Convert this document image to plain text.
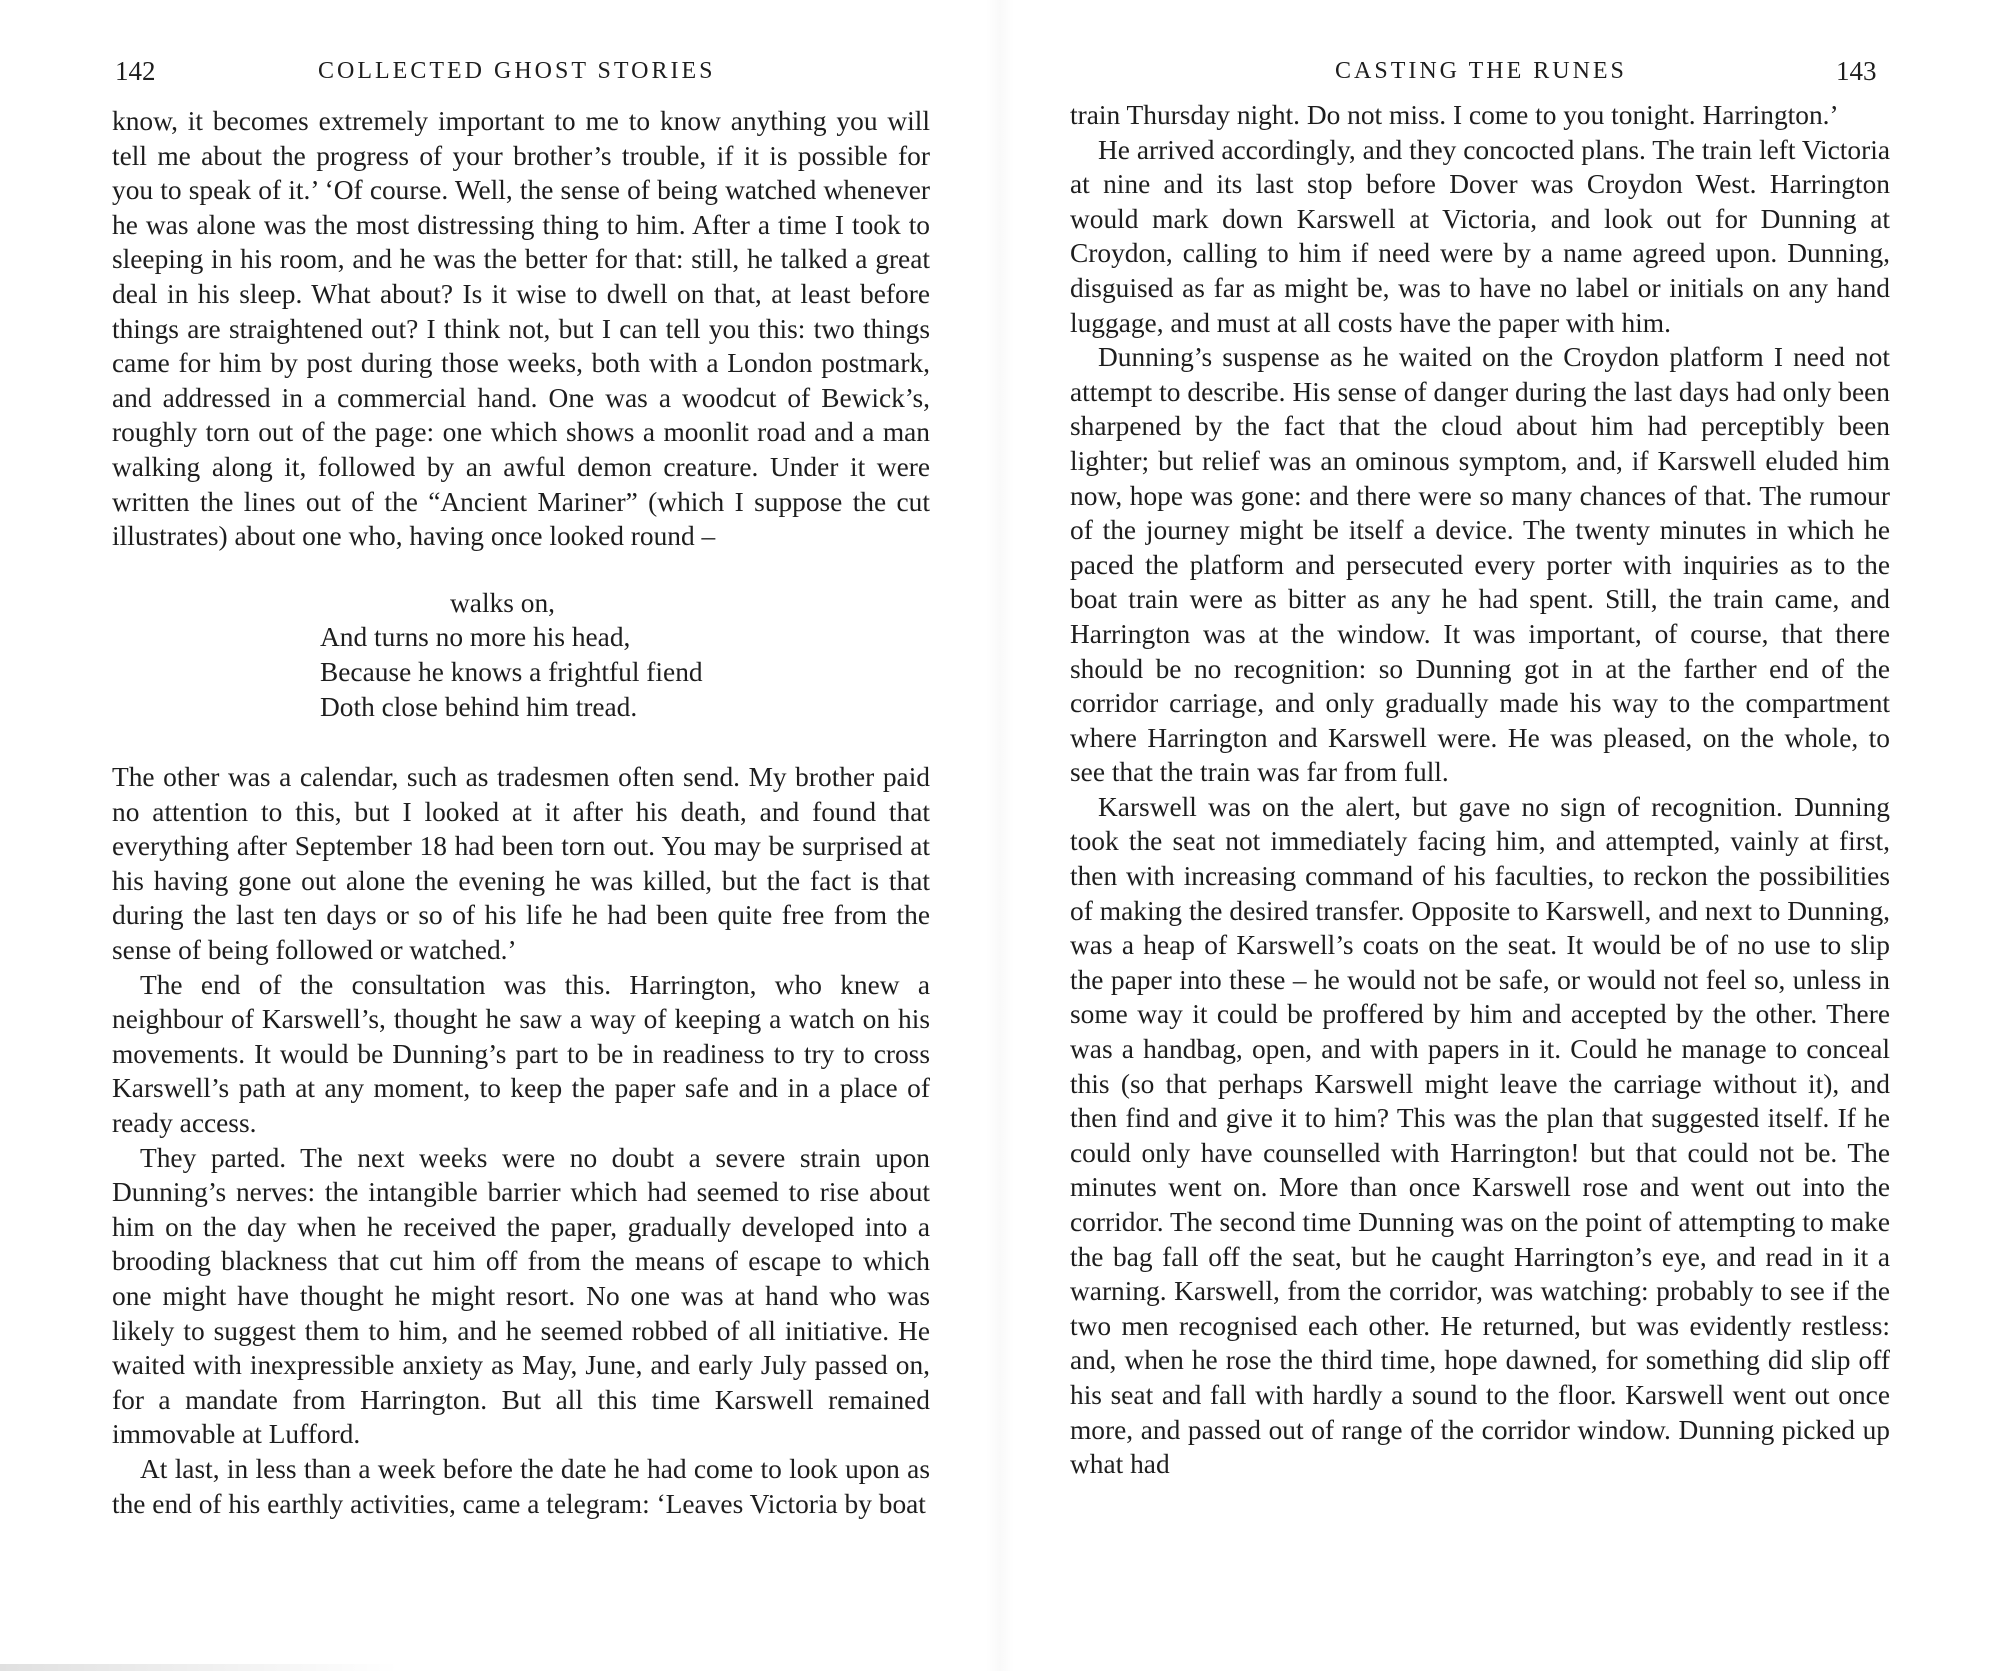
142	COLLECTED GHOST STORIES

know, it becomes extremely important to me to know anything you will tell me about the progress of your brother’s trouble, if it is possible for you to speak of it.’ ‘Of course. Well, the sense of being watched whenever he was alone was the most distressing thing to him. After a time I took to sleeping in his room, and he was the better for that: still, he talked a great deal in his sleep. What about? Is it wise to dwell on that, at least before things are straightened out? I think not, but I can tell you this: two things came for him by post during those weeks, both with a London postmark, and addressed in a commercial hand. One was a woodcut of Bewick’s, roughly torn out of the page: one which shows a moonlit road and a man walking along it, followed by an awful demon creature. Under it were written the lines out of the “Ancient Mariner” (which I suppose the cut illustrates) about one who, having once looked round –

walks on,
And turns no more his head,
Because he knows a frightful fiend
Doth close behind him tread.

The other was a calendar, such as tradesmen often send. My brother paid no attention to this, but I looked at it after his death, and found that everything after September 18 had been torn out. You may be surprised at his having gone out alone the evening he was killed, but the fact is that during the last ten days or so of his life he had been quite free from the sense of being followed or watched.’

The end of the consultation was this. Harrington, who knew a neighbour of Karswell’s, thought he saw a way of keeping a watch on his movements. It would be Dunning’s part to be in readiness to try to cross Karswell’s path at any moment, to keep the paper safe and in a place of ready access.

They parted. The next weeks were no doubt a severe strain upon Dunning’s nerves: the intangible barrier which had seemed to rise about him on the day when he received the paper, gradually developed into a brooding blackness that cut him off from the means of escape to which one might have thought he might resort. No one was at hand who was likely to suggest them to him, and he seemed robbed of all initiative. He waited with inexpressible anxiety as May, June, and early July passed on, for a mandate from Harrington. But all this time Karswell remained immovable at Lufford.

At last, in less than a week before the date he had come to look upon as the end of his earthly activities, came a telegram: ‘Leaves Victoria by boat

CASTING THE RUNES	143

train Thursday night. Do not miss. I come to you tonight. Harrington.’

He arrived accordingly, and they concocted plans. The train left Victoria at nine and its last stop before Dover was Croydon West. Harrington would mark down Karswell at Victoria, and look out for Dunning at Croydon, calling to him if need were by a name agreed upon. Dunning, disguised as far as might be, was to have no label or initials on any hand luggage, and must at all costs have the paper with him.

Dunning’s suspense as he waited on the Croydon platform I need not attempt to describe. His sense of danger during the last days had only been sharpened by the fact that the cloud about him had perceptibly been lighter; but relief was an ominous symptom, and, if Karswell eluded him now, hope was gone: and there were so many chances of that. The rumour of the journey might be itself a device. The twenty minutes in which he paced the platform and persecuted every porter with inquiries as to the boat train were as bitter as any he had spent. Still, the train came, and Harrington was at the window. It was important, of course, that there should be no recognition: so Dunning got in at the farther end of the corridor carriage, and only gradually made his way to the compartment where Harrington and Karswell were. He was pleased, on the whole, to see that the train was far from full.

Karswell was on the alert, but gave no sign of recognition. Dunning took the seat not immediately facing him, and attempted, vainly at first, then with increasing command of his faculties, to reckon the possibilities of making the desired transfer. Opposite to Karswell, and next to Dunning, was a heap of Karswell’s coats on the seat. It would be of no use to slip the paper into these – he would not be safe, or would not feel so, unless in some way it could be proffered by him and accepted by the other. There was a handbag, open, and with papers in it. Could he manage to conceal this (so that perhaps Karswell might leave the carriage without it), and then find and give it to him? This was the plan that suggested itself. If he could only have counselled with Harrington! but that could not be. The minutes went on. More than once Karswell rose and went out into the corridor. The second time Dunning was on the point of attempting to make the bag fall off the seat, but he caught Harrington’s eye, and read in it a warning. Karswell, from the corridor, was watching: probably to see if the two men recognised each other. He returned, but was evidently restless: and, when he rose the third time, hope dawned, for something did slip off his seat and fall with hardly a sound to the floor. Karswell went out once more, and passed out of range of the corridor window. Dunning picked up what had
